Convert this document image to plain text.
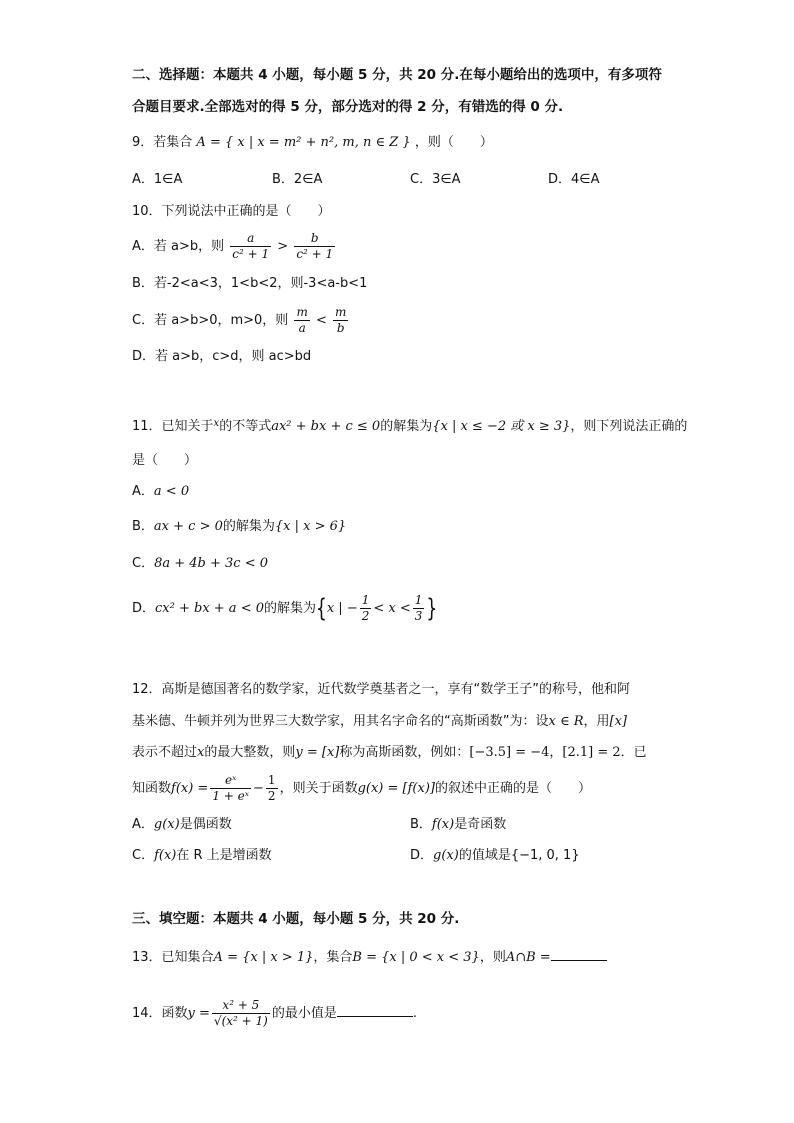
二、选择题：本题共 4 小题，每小题 5 分，共 20 分.在每小题给出的选项中，有多项符
合题目要求.全部选对的得 5 分，部分选对的得 2 分，有错选的得 0 分.
9．若集合 A = { x | x = m² + n², m, n ∈ Z } ，则（　　）
A．1∈A	B．2∈A	C．3∈A	D．4∈A
10．下列说法中正确的是（　　）
A．若 a>b，则 $\frac{a}{\text{c² + 1}} > \frac{b}{\text{c² + 1}}$
B．若-2<a<3，1<b<2，则-3<a-b<1
C．若 a>b>0，m>0，则 $\frac{m}{a} < \frac{m}{b}$
D．若 a>b，c>d，则 ac>bd
11．已知关于$^x$的不等式ax² + bx + c ≤ 0的解集为{x | x ≤ −2 或 x ≥ 3}，则下列说法正确的
是（　　）
A．a < 0
B．ax + c > 0的解集为{x | x > 6}
C．8a + 4b + 3c < 0
D．cx² + bx + a < 0的解集为{x | − $\frac{1}{2} < x < \frac{1}{3}$ }
12．高斯是德国著名的数学家，近代数学奠基者之一，享有“数学王子”的称号，他和阿
基米德、牛顿并列为世界三大数学家，用其名字命名的“高斯函数”为：设x ∈ R，用[x]
表示不超过x的最大整数，则y = [x]称为高斯函数，例如：[−3.5] = −4，[2.1] = 2．已
知函数$f(x) = \frac{\text{eˣ}}{\text{1 + eˣ}} - \frac{1}{2}$ ，则关于函数g(x) = [f(x)]的叙述中正确的是（　　）
A．g(x)是偶函数	B．f(x)是奇函数
C．f(x)在 R 上是增函数	D．g(x)的值域是{−1, 0, 1}
三、填空题：本题共 4 小题，每小题 5 分，共 20 分.
13．已知集合A = {x | x > 1}，集合B = {x | 0 < x < 3}，则A∩B =
14．函数$y = \frac{\text{x² + 5}}{\text{√(x² + 1)}}$ 的最小值是	.
